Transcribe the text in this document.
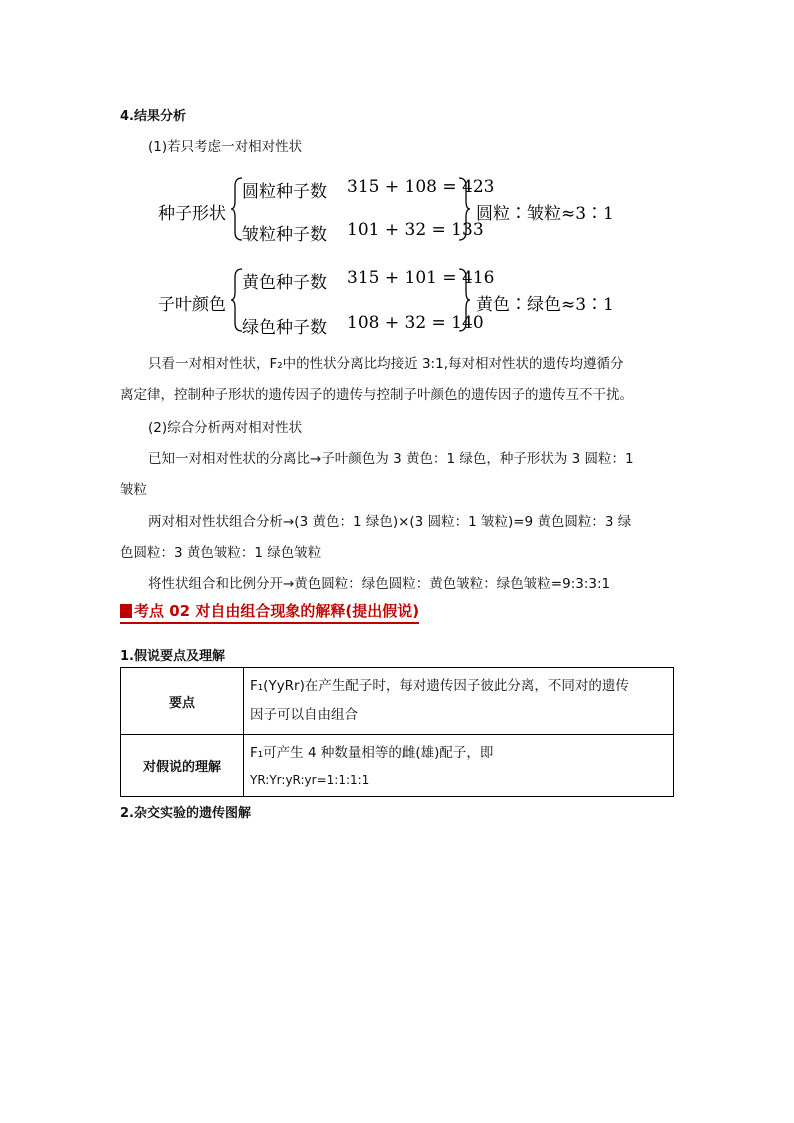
4.结果分析
(1)若只考虑一对相对性状
种子形状
圆粒种子数 315 + 108 = 423
皱粒种子数 101 + 32 = 133
圆粒∶皱粒≈3∶1
子叶颜色
黄色种子数 315 + 101 = 416
绿色种子数 108 + 32 = 140
黄色∶绿色≈3∶1
只看一对相对性状，F₂中的性状分离比均接近 3:1,每对相对性状的遗传均遵循分
离定律，控制种子形状的遗传因子的遗传与控制子叶颜色的遗传因子的遗传互不干扰。
(2)综合分析两对相对性状
已知一对相对性状的分离比→子叶颜色为 3 黄色：1 绿色，种子形状为 3 圆粒：1
皱粒
两对相对性状组合分析→(3 黄色：1 绿色)×(3 圆粒：1 皱粒)=9 黄色圆粒：3 绿
色圆粒：3 黄色皱粒：1 绿色皱粒
将性状组合和比例分开→黄色圆粒：绿色圆粒：黄色皱粒：绿色皱粒=9:3:3:1
考点 02 对自由组合现象的解释(提出假说)
1.假说要点及理解
要点	F₁(YyRr)在产生配子时，每对遗传因子彼此分离，不同对的遗传
因子可以自由组合

对假说的理解	F₁可产生 4 种数量相等的雌(雄)配子，即
YR:Yr:yR:yr=1:1:1:1
2.杂交实验的遗传图解
